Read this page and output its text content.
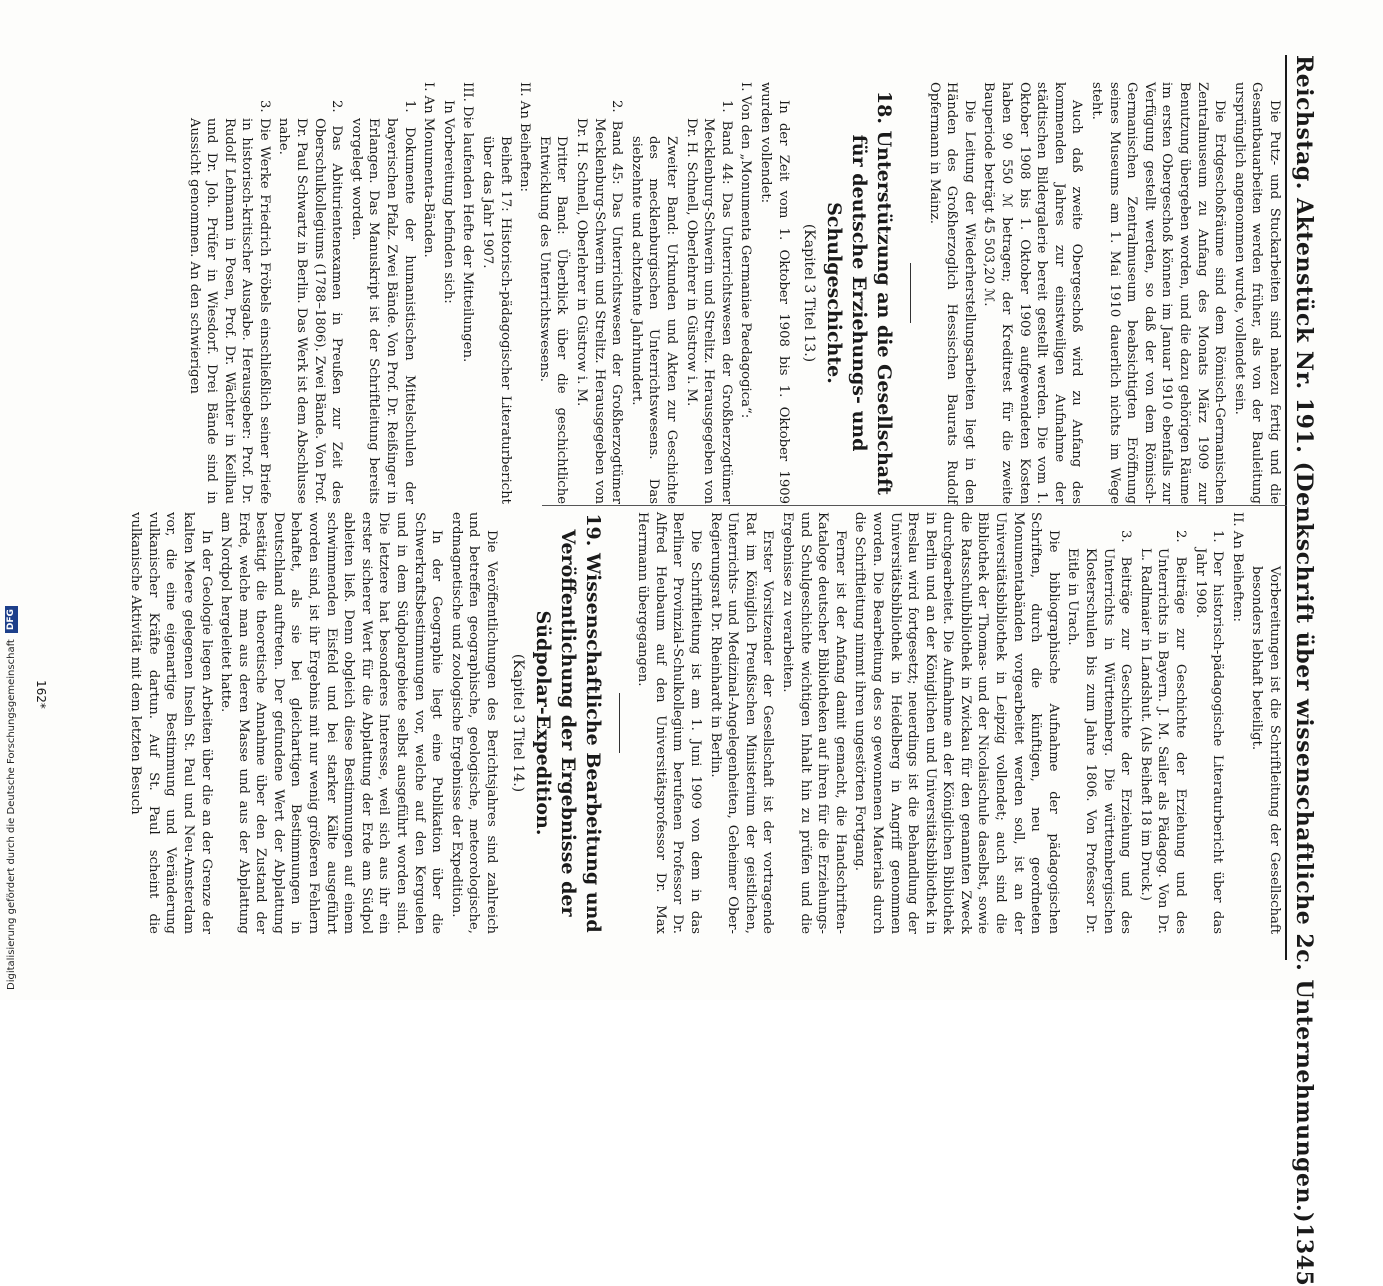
Reichstag. Aktenstück Nr. 191. (Denkschrift über wissenschaftliche 2c. Unternehmungen.)
1345

Die Putz- und Stuckarbeiten sind nahezu fertig und die Gesamtbauarbeiten werden früher, als von der Bauleitung ursprünglich angenommen wurde, vollendet sein.

Die Erdgeschoßräume sind dem Römisch-Germanischen Zentralmuseum zu Anfang des Monats März 1909 zur Benutzung übergeben worden, und die dazu gehörigen Räume im ersten Obergeschoß können im Januar 1910 ebenfalls zur Verfügung gestellt werden, so daß der von dem Römisch-Germanischen Zentralmuseum beabsichtigten Eröffnung seines Museums am 1. Mai 1910 dauerlich nichts im Wege steht.

Auch daß zweite Obergeschoß wird zu Anfang des kommenden Jahres zur einstweiligen Aufnahme der städtischen Bildergalerie bereit gestellt werden. Die vom 1. Oktober 1908 bis 1. Oktober 1909 aufgewendeten Kosten haben 90 550 ℳ betragen; der Kreditrest für die zweite Bauperiode beträgt 45 503,20 ℳ.

Die Leitung der Wiederherstellungsarbeiten liegt in den Händen des Großherzoglich Hessischen Baurats Rudolf Opfermann in Mainz.

18. Unterstützung an die Gesellschaft für deutsche Erziehungs- und Schulgeschichte.

(Kapitel 3 Titel 13.)

In der Zeit vom 1. Oktober 1908 bis 1. Oktober 1909 wurden vollendet:

I. Von den „Monumenta Germaniae Paedagogica“:

1. Band 44: Das Unterrichtswesen der Großherzogtümer Mecklenburg-Schwerin und Strelitz. Herausgegeben von Dr. H. Schnell, Oberlehrer in Güstrow i. M.

Zweiter Band: Urkunden und Akten zur Geschichte des mecklenburgischen Unterrichtswesens. Das siebzehnte und achtzehnte Jahrhundert.

2. Band 45: Das Unterrichtswesen der Großherzogtümer Mecklenburg-Schwerin und Strelitz. Herausgegeben von Dr. H. Schnell, Oberlehrer in Güstrow i. M.

Dritter Band: Überblick über die geschichtliche Entwicklung des Unterrichtswesens.

II. An Beiheften:

Beiheft 17: Historisch-pädagogischer Literaturbericht über das Jahr 1907.

III. Die laufenden Hefte der Mitteilungen.

In Vorbereitung befinden sich:

I. An Monumenta-Bänden.

1. Dokumente der humanistischen Mittelschulen der bayerischen Pfalz. Zwei Bände. Von Prof. Dr. Reißinger in Erlangen. Das Manuskript ist der Schriftleitung bereits vorgelegt worden.

2. Das Abiturientenexamen in Preußen zur Zeit des Oberschulkollegiums (1788–1806). Zwei Bände. Von Prof. Dr. Paul Schwartz in Berlin. Das Werk ist dem Abschlusse nahe.

3. Die Werke Friedrich Fröbels einschließlich seiner Briefe in historisch-kritischer Ausgabe. Herausgeber: Prof. Dr. Rudolf Lehmann in Posen, Prof. Dr. Wächter in Keilhau und Dr. Joh. Prüfer in Wiesdorf. Drei Bände sind in Aussicht genommen. An den schwierigen

Vorbereitungen ist die Schriftleitung der Gesellschaft besonders lebhaft beteiligt.

II. An Beiheften:

1. Der historisch-pädagogische Literaturbericht über das Jahr 1908.

2. Beiträge zur Geschichte der Erziehung und des Unterrichts in Bayern. J. M. Sailer als Pädagog. Von Dr. L. Radlmaier in Landshut. (Als Beiheft 18 im Druck.)

3. Beiträge zur Geschichte der Erziehung und des Unterrichts in Württemberg. Die württembergischen Klosterschulen bis zum Jahre 1806. Von Professor Dr. Eitle in Urach.

Die bibliographische Aufnahme der pädagogischen Schriften, durch die künftigen, neu geordneten Monumentabänden vorgearbeitet werden soll, ist an der Universitätsbibliothek in Leipzig vollendet; auch sind die Bibliothek der Thomas- und der Nicolaischule daselbst, sowie die Ratsschulbibliothek in Zwickau für den genannten Zweck durchgearbeitet. Die Aufnahme an der Königlichen Bibliothek in Berlin und an der Königlichen und Universitätsbibliothek in Breslau wird fortgesetzt; neuerdings ist die Behandlung der Universitätsbibliothek in Heidelberg in Angriff genommen worden. Die Bearbeitung des so gewonnenen Materials durch die Schriftleitung nimmt ihren ungestörten Fortgang.

Ferner ist der Anfang damit gemacht, die Handschriften-Kataloge deutscher Bibliotheken auf ihren für die Erziehungs- und Schulgeschichte wichtigen Inhalt hin zu prüfen und die Ergebnisse zu verarbeiten.

Erster Vorsitzender der Gesellschaft ist der vortragende Rat im Königlich Preußischen Ministerium der geistlichen, Unterrichts- und Medizinal-Angelegenheiten, Geheimer Ober-Regierungsrat Dr. Rheinhardt in Berlin.

Die Schriftleitung ist am 1. Juni 1909 von dem in das Berliner Provinzial-Schulkollegium berufenen Professor Dr. Alfred Heubaum auf den Universitätsprofessor Dr. Max Herrmann übergegangen.

19. Wissenschaftliche Bearbeitung und Veröffentlichung der Ergebnisse der Südpolar-Expedition.

(Kapitel 3 Titel 14.)

Die Veröffentlichungen des Berichtsjahres sind zahlreich und betreffen geographische, geologische, meteorologische, erdmagnetische und zoologische Ergebnisse der Expedition.

In der Geographie liegt eine Publikation über die Schwerkraftsbestimmungen vor, welche auf den Kerguelen und in dem Südpolargebiete selbst ausgeführt worden sind. Die letztere hat besonderes Interesse, weil sich aus ihr ein erster sicherer Wert für die Abplattung der Erde am Südpol ableiten ließ. Denn obgleich diese Bestimmungen auf einem schwimmenden Eisfeld und bei starker Kälte ausgeführt worden sind, ist ihr Ergebnis mit nur wenig größeren Fehlern behaftet, als sie bei gleichartigen Bestimmungen in Deutschland auftreten. Der gefundene Wert der Abplattung bestätigt die theoretische Annahme über den Zustand der Erde, welche man aus deren Masse und aus der Abplattung am Nordpol hergeleitet hatte.

In der Geologie liegen Arbeiten über die an der Grenze der kalten Meere gelegenen Inseln St. Paul und Neu-Amsterdam vor, die eine eigenartige Bestimmung und Veränderung vulkanischer Kräfte dartun. Auf St. Paul scheint die vulkanische Aktivität mit dem letzten Besuch

162*
Digitalisierung gefördert durch die Deutsche Forschungsgemeinschaft
DFG
